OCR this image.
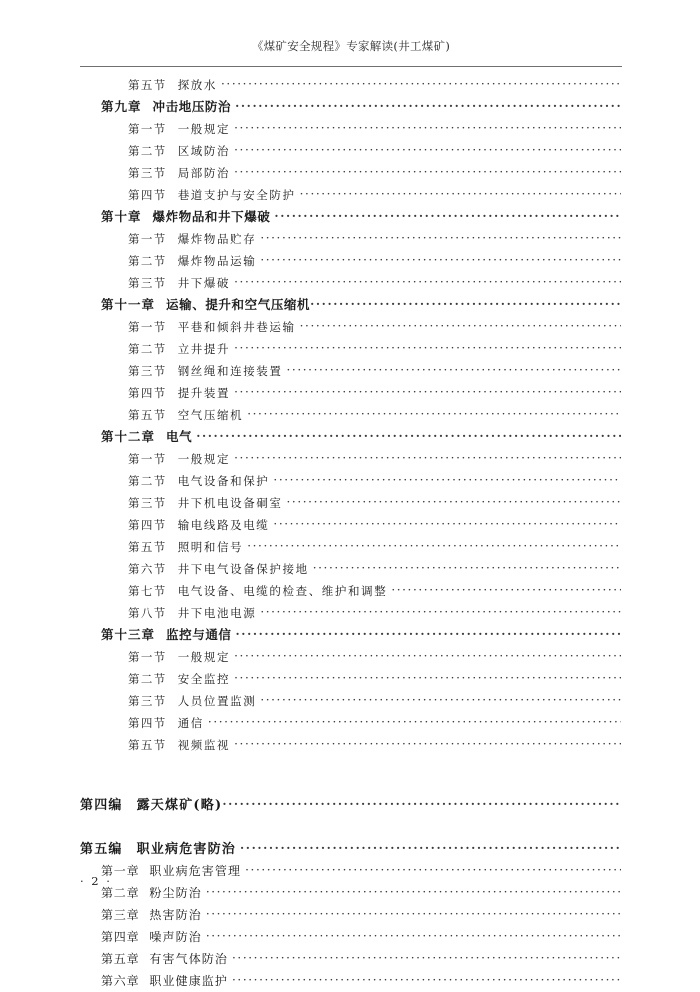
《煤矿安全规程》专家解读(井工煤矿)
第五节 探放水
·····
第九章 冲击地压防治
·····
第一节 一般规定
·····
第二节 区域防治
·····
第三节 局部防治
·····
第四节 巷道支护与安全防护
·····
第十章 爆炸物品和井下爆破
·····
第一节 爆炸物品贮存
·····
第二节 爆炸物品运输
·····
第三节 井下爆破
·····
第十一章 运输、提升和空气压缩机
·····
第一节 平巷和倾斜井巷运输
·····
第二节 立井提升
·····
第三节 钢丝绳和连接装置
·····
第四节 提升装置
·····
第五节 空气压缩机
·····
第十二章 电气
·····
第一节 一般规定
·····
第二节 电气设备和保护
·····
第三节 井下机电设备硐室
·····
第四节 输电线路及电缆
·····
第五节 照明和信号
·····
第六节 井下电气设备保护接地
·····
第七节 电气设备、电缆的检查、维护和调整
·····
第八节 井下电池电源
·····
第十三章 监控与通信
·····
第一节 一般规定
·····
第二节 安全监控
·····
第三节 人员位置监测
·····
第四节 通信
·····
第五节 视频监视
·····
第四编 露天煤矿(略)
·····
第五编 职业病危害防治
·····
第一章 职业病危害管理
·····
第二章 粉尘防治
·····
第三章 热害防治
·····
第四章 噪声防治
·····
第五章 有害气体防治
·····
第六章 职业健康监护
·····
· 2 ·
